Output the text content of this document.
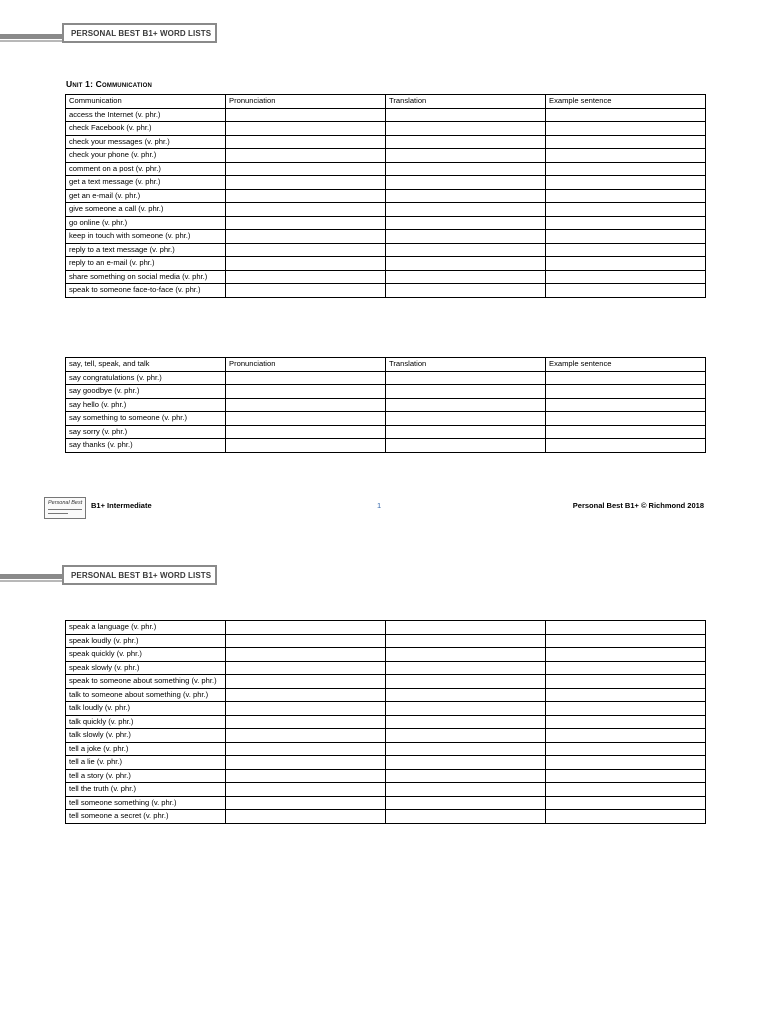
PERSONAL BEST B1+ WORD LISTS
Unit 1: Communication
Communication	Pronunciation	Translation	Example sentence
access the Internet (v. phr.)			
check Facebook (v. phr.)			
check your messages (v. phr.)			
check your phone (v. phr.)			
comment on a post (v. phr.)			
get a text message (v. phr.)			
get an e-mail (v. phr.)			
give someone a call (v. phr.)			
go online (v. phr.)			
keep in touch with someone (v. phr.)			
reply to a text message (v. phr.)			
reply to an e-mail (v. phr.)			
share something on social media (v. phr.)			
speak to someone face-to-face (v. phr.)			
say, tell, speak, and talk	Pronunciation	Translation	Example sentence
say congratulations (v. phr.)			
say goodbye (v. phr.)			
say hello (v. phr.)			
say something to someone (v. phr.)			
say sorry (v. phr.)			
say thanks (v. phr.)			
Personal Best B1+ Intermediate	1	Personal Best B1+ © Richmond 2018
PERSONAL BEST B1+ WORD LISTS
speak a language (v. phr.)			
speak loudly (v. phr.)			
speak quickly (v. phr.)			
speak slowly (v. phr.)			
speak to someone about something (v. phr.)			
talk to someone about something (v. phr.)			
talk loudly (v. phr.)			
talk quickly (v. phr.)			
talk slowly (v. phr.)			
tell a joke (v. phr.)			
tell a lie (v. phr.)			
tell a story (v. phr.)			
tell the truth (v. phr.)			
tell someone something (v. phr.)			
tell someone a secret (v. phr.)			
